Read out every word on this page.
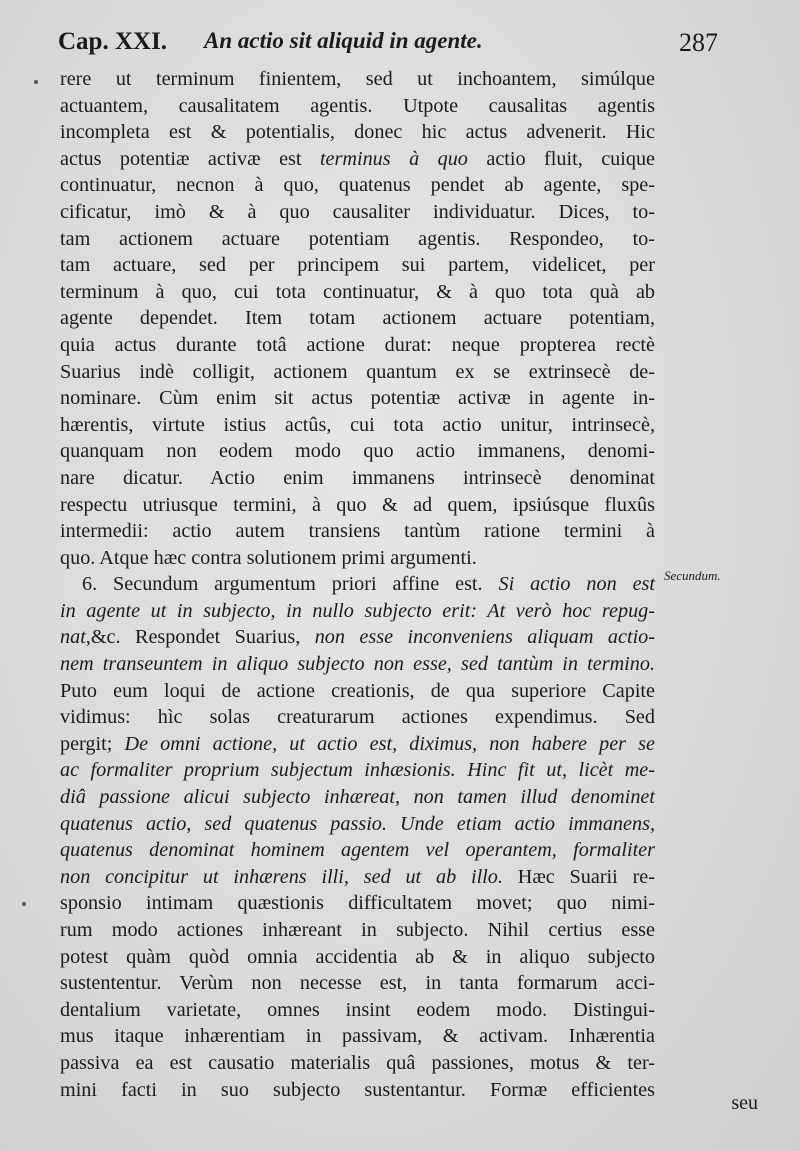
Cap. XXI. An actio sit aliquid in agente.	287
rere ut terminum finientem, sed ut inchoantem, simúlque
actuantem, causalitatem agentis. Utpote causalitas agentis
incompleta est & potentialis, donec hic actus advenerit. Hic
actus potentiæ activæ est terminus à quo actio fluit, cuique
continuatur, necnon à quo, quatenus pendet ab agente, spe-
cificatur, imò & à quo causaliter individuatur. Dices, to-
tam actionem actuare potentiam agentis. Respondeo, to-
tam actuare, sed per principem sui partem, videlicet, per
terminum à quo, cui tota continuatur, & à quo tota quà ab
agente dependet. Item totam actionem actuare potentiam,
quia actus durante totâ actione durat: neque propterea rectè
Suarius indè colligit, actionem quantum ex se extrinsecè de-
nominare. Cùm enim sit actus potentiæ activæ in agente in-
hærentis, virtute istius actûs, cui tota actio unitur, intrinsecè,
quanquam non eodem modo quo actio immanens, denomi-
nare dicatur. Actio enim immanens intrinsecè denominat
respectu utriusque termini, à quo & ad quem, ipsiúsque fluxûs
intermedii: actio autem transiens tantùm ratione termini à
quo. Atque hæc contra solutionem primi argumenti.
6. Secundum argumentum priori affine est. Si actio non est
in agente ut in subjecto, in nullo subjecto erit: At verò hoc repug-
nat,&c. Respondet Suarius, non esse inconveniens aliquam actio-
nem transeuntem in aliquo subjecto non esse, sed tantùm in termino.
Puto eum loqui de actione creationis, de qua superiore Capite
vidimus: hìc solas creaturarum actiones expendimus. Sed
pergit; De omni actione, ut actio est, diximus, non habere per se
ac formaliter proprium subjectum inhæsionis. Hinc fit ut, licèt me-
diâ passione alicui subjecto inhæreat, non tamen illud denominet
quatenus actio, sed quatenus passio. Unde etiam actio immanens,
quatenus denominat hominem agentem vel operantem, formaliter
non concipitur ut inhærens illi, sed ut ab illo. Hæc Suarii re-
sponsio intimam quæstionis difficultatem movet; quo nimi-
rum modo actiones inhæreant in subjecto. Nihil certius esse
potest quàm quòd omnia accidentia ab & in aliquo subjecto
sustententur. Verùm non necesse est, in tanta formarum acci-
dentalium varietate, omnes insint eodem modo. Distingui-
mus itaque inhærentiam in passivam, & activam. Inhærentia
passiva ea est causatio materialis quâ passiones, motus & ter-
mini facti in suo subjecto sustentantur. Formæ efficientes
Secundum.
seu
